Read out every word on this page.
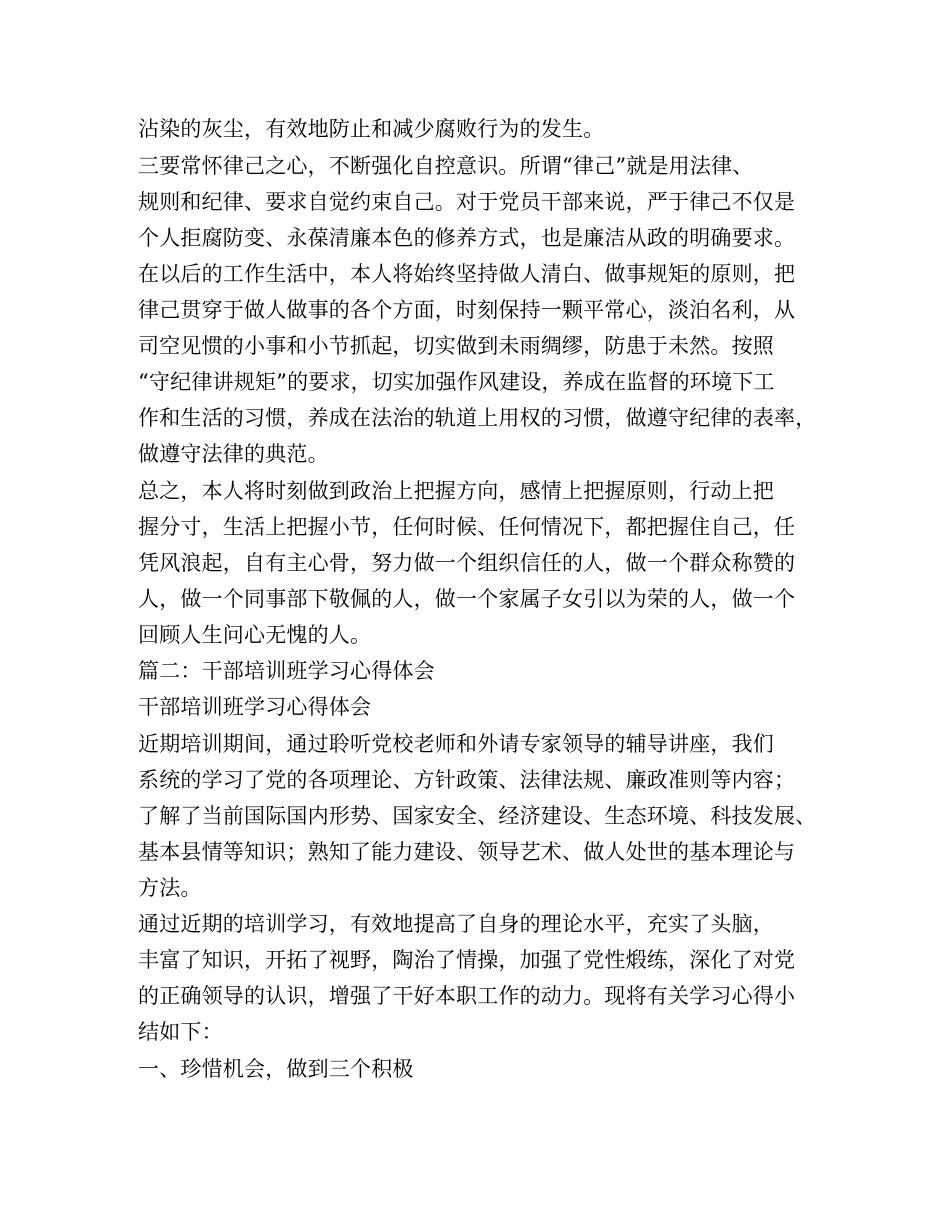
沾染的灰尘，有效地防止和减少腐败行为的发生。
三要常怀律己之心，不断强化自控意识。所谓“律己”就是用法律、
规则和纪律、要求自觉约束自己。对于党员干部来说，严于律己不仅是
个人拒腐防变、永葆清廉本色的修养方式，也是廉洁从政的明确要求。
在以后的工作生活中，本人将始终坚持做人清白、做事规矩的原则，把
律己贯穿于做人做事的各个方面，时刻保持一颗平常心，淡泊名利，从
司空见惯的小事和小节抓起，切实做到未雨绸缪，防患于未然。按照
“守纪律讲规矩”的要求，切实加强作风建设，养成在监督的环境下工
作和生活的习惯，养成在法治的轨道上用权的习惯，做遵守纪律的表率，
做遵守法律的典范。
总之，本人将时刻做到政治上把握方向，感情上把握原则，行动上把
握分寸，生活上把握小节，任何时候、任何情况下，都把握住自己，任
凭风浪起，自有主心骨，努力做一个组织信任的人，做一个群众称赞的
人，做一个同事部下敬佩的人，做一个家属子女引以为荣的人，做一个
回顾人生问心无愧的人。
篇二：干部培训班学习心得体会
干部培训班学习心得体会
近期培训期间，通过聆听党校老师和外请专家领导的辅导讲座，我们
系统的学习了党的各项理论、方针政策、法律法规、廉政准则等内容；
了解了当前国际国内形势、国家安全、经济建设、生态环境、科技发展、
基本县情等知识；熟知了能力建设、领导艺术、做人处世的基本理论与
方法。
通过近期的培训学习，有效地提高了自身的理论水平，充实了头脑，
丰富了知识，开拓了视野，陶治了情操，加强了党性煅练，深化了对党
的正确领导的认识，增强了干好本职工作的动力。现将有关学习心得小
结如下：
一、珍惜机会，做到三个积极
